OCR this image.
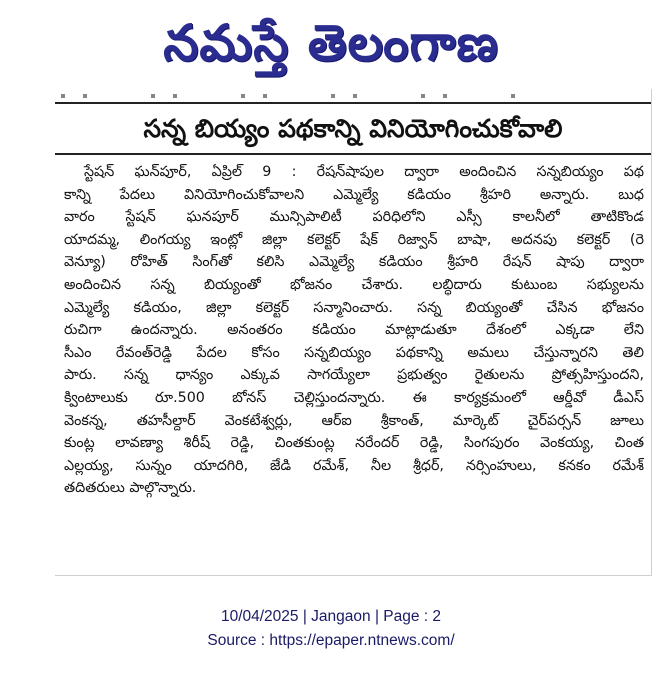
నమస్తే తెలంగాణ
సన్న బియ్యం పథకాన్ని వినియోగించుకోవాలి
స్టేషన్ ఘన్‌పూర్, ఏప్రిల్ 9 : రేషన్‌షాపుల ద్వారా అందించిన సన్నబియ్యం పథ
కాన్ని పేదలు వినియోగించుకోవాలని ఎమ్మెల్యే కడియం శ్రీహరి అన్నారు. బుధ
వారం స్టేషన్ ఘనపూర్ మున్సిపాలిటీ పరిధిలోని ఎస్సీ కాలనీలో తాటికొండ
యాదమ్మ, లింగయ్య ఇంట్లో జిల్లా కలెక్టర్ షేక్ రిజ్వాన్ బాషా, అదనపు కలెక్టర్ (రె
వెన్యూ) రోహిత్ సింగ్‌తో కలిసి ఎమ్మెల్యే కడియం శ్రీహరి రేషన్ షాపు ద్వారా
అందించిన సన్న బియ్యంతో భోజనం చేశారు. లబ్ధిదారు కుటుంబ సభ్యులను
ఎమ్మెల్యే కడియం, జిల్లా కలెక్టర్ సన్మానించారు. సన్న బియ్యంతో చేసిన భోజనం
రుచిగా ఉందన్నారు. అనంతరం కడియం మాట్లాడుతూ దేశంలో ఎక్కడా లేని
సీఎం రేవంత్‌రెడ్డి పేదల కోసం సన్నబియ్యం పథకాన్ని అమలు చేస్తున్నారని తెలి
పారు. సన్న ధాన్యం ఎక్కువ సాగయ్యేలా ప్రభుత్వం రైతులను ప్రోత్సహిస్తుందని,
క్వింటాలుకు రూ.500 బోనస్ చెల్లిస్తుందన్నారు. ఈ కార్యక్రమంలో ఆర్డీవో డీఎస్
వెంకన్న, తహసీల్దార్ వెంకటేశ్వర్లు, ఆర్ఐ శ్రీకాంత్, మార్కెట్ చైర్‌పర్సన్ జూలు
కుంట్ల లావణ్యా శిరీష్ రెడ్డి, చింతకుంట్ల నరేందర్ రెడ్డి, సింగపురం వెంకయ్య, చింత
ఎల్లయ్య, సున్నం యాదగిరి, జేడి రమేశ్, నీల శ్రీధర్, నర్సింహులు, కనకం రమేశ్
తదితరులు పాల్గొన్నారు.
10/04/2025 | Jangaon | Page : 2
Source : https://epaper.ntnews.com/
